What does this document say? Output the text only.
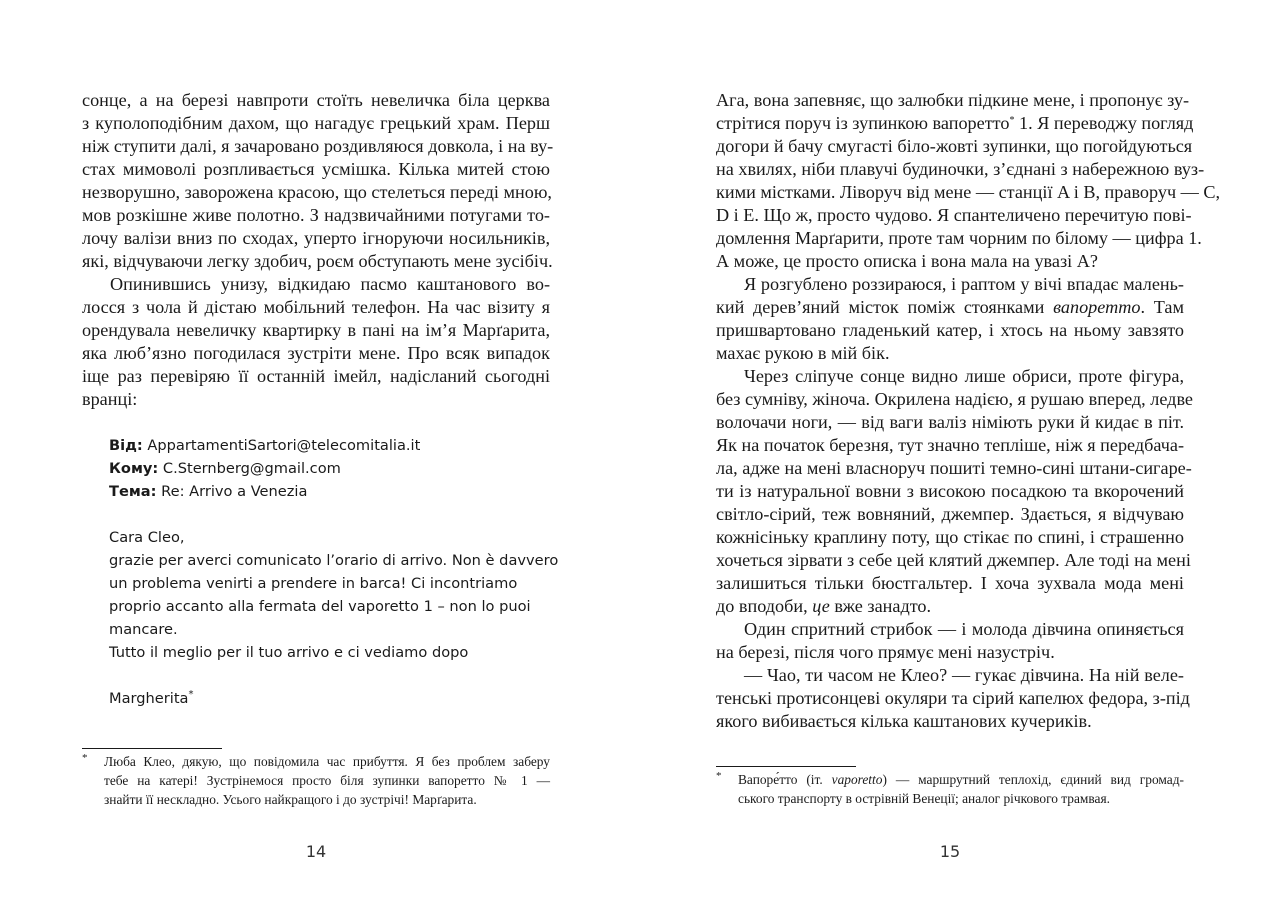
сонце, а на березі навпроти стоїть невеличка біла церква
з куполоподібним дахом, що нагадує грецький храм. Перш
ніж ступити далі, я зачаровано роздивляюся довкола, і на ву-
стах мимоволі розпливається усмішка. Кілька митей стою
незворушно, заворожена красою, що стелеться переді мною,
мов розкішне живе полотно. З надзвичайними потугами то-
лочу валізи вниз по сходах, уперто ігноруючи носильників,
які, відчуваючи легку здобич, роєм обступають мене зусібіч.
Опинившись унизу, відкидаю пасмо каштанового во-
лосся з чола й дістаю мобільний телефон. На час візиту я
орендувала невеличку квартирку в пані на ім’я Марґарита,
яка люб’язно погодилася зустріти мене. Про всяк випадок
іще раз перевіряю її останній імейл, надісланий сьогодні
вранці:
Від: AppartamentiSartori@telecomitalia.it
Кому: C.Sternberg@gmail.com
Тема: Re: Arrivo a Venezia
Cara Cleo,
grazie per averci comunicato l’orario di arrivo. Non è davvero
un problema venirti a prendere in barca! Ci incontriamo
proprio accanto alla fermata del vaporetto 1 – non lo puoi
mancare.
Tutto il meglio per il tuo arrivo e ci vediamo dopo
Margherita*
*	Люба Клео, дякую, що повідомила час прибуття. Я без проблем заберу
тебе на катері! Зустрінемося просто біля зупинки вапоретто № 1 —
знайти її нескладно. Усього найкращого і до зустрічі! Марґарита.
14
Ага, вона запевняє, що залюбки підкине мене, і пропонує зу-
стрітися поруч із зупинкою вапоретто* 1. Я переводжу погляд
догори й бачу смугасті біло-жовті зупинки, що погойдуються
на хвилях, ніби плавучі будиночки, з’єднані з набережною вуз-
кими містками. Ліворуч від мене — станції A і B, праворуч — C,
D і E. Що ж, просто чудово. Я спантеличено перечитую пові-
домлення Марґарити, проте там чорним по білому — цифра 1.
А може, це просто описка і вона мала на увазі A?
Я розгублено роззираюся, і раптом у вічі впадає малень-
кий дерев’яний місток поміж стоянками вапоретто. Там
пришвартовано гладенький катер, і хтось на ньому завзято
махає рукою в мій бік.
Через сліпуче сонце видно лише обриси, проте фігура,
без сумніву, жіноча. Окрилена надією, я рушаю вперед, ледве
волочачи ноги, — від ваги валіз німіють руки й кидає в піт.
Як на початок березня, тут значно тепліше, ніж я передбача-
ла, адже на мені власноруч пошиті темно-сині штани-сигаре-
ти із натуральної вовни з високою посадкою та вкорочений
світло-сірий, теж вовняний, джемпер. Здається, я відчуваю
кожнісіньку краплину поту, що стікає по спині, і страшенно
хочеться зірвати з себе цей клятий джемпер. Але тоді на мені
залишиться тільки бюстгальтер. І хоча зухвала мода мені
до вподоби, це вже занадто.
Один спритний стрибок — і молода дівчина опиняється
на березі, після чого прямує мені назустріч.
— Чао, ти часом не Клео? — гукає дівчина. На ній веле-
тенські протисонцеві окуляри та сірий капелюх федора, з-під
якого вибивається кілька каштанових кучериків.
*	Вапоре́тто (іт. vaporetto) — маршрутний теплохід, єдиний вид громад-
ського транспорту в острівній Венеції; аналог річкового трамвая.
15
